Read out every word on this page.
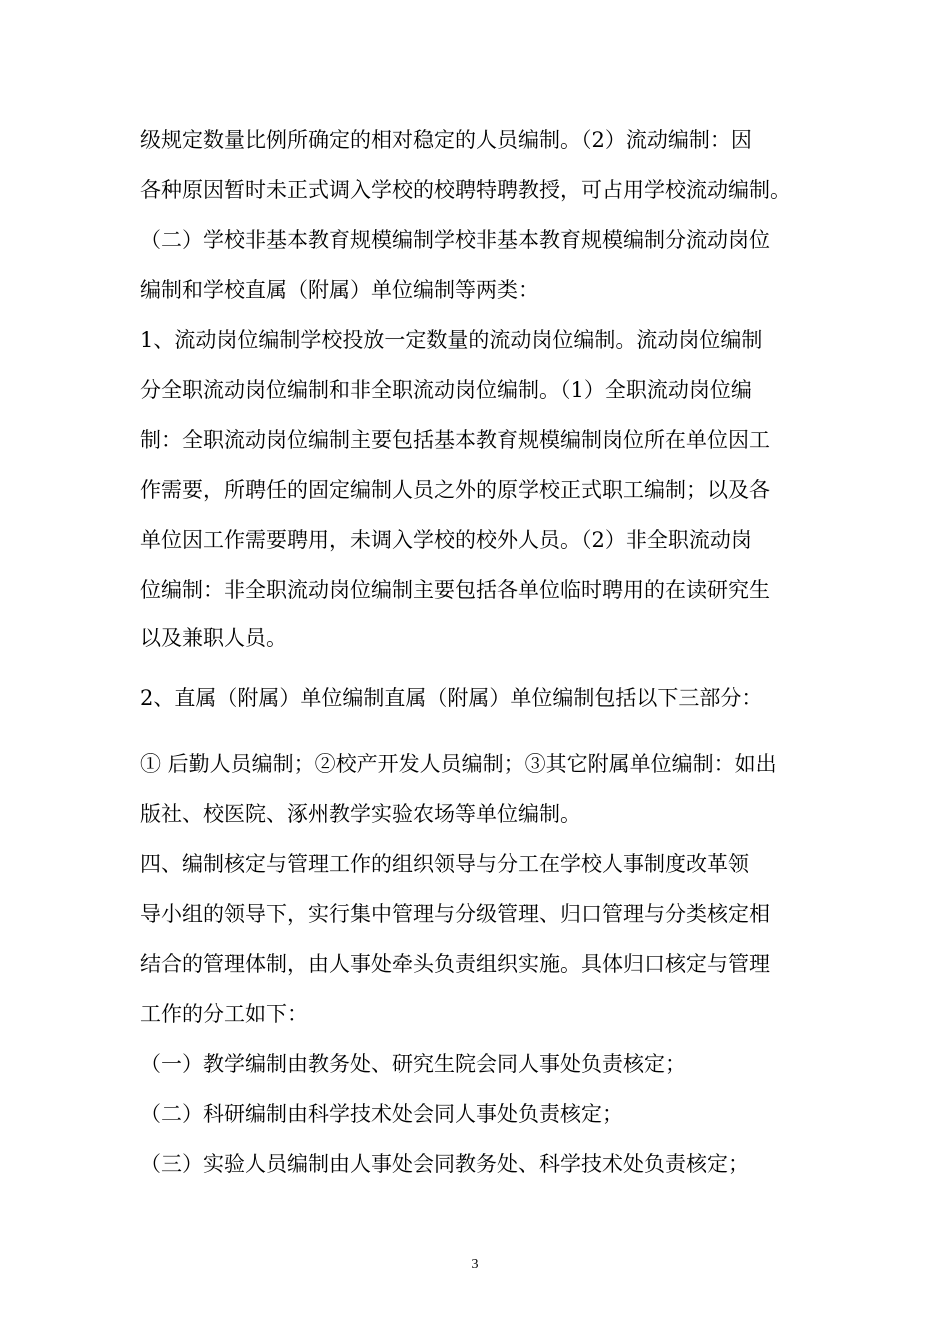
级规定数量比例所确定的相对稳定的人员编制。（2）流动编制：因
各种原因暂时未正式调入学校的校聘特聘教授，可占用学校流动编制。
（二）学校非基本教育规模编制学校非基本教育规模编制分流动岗位
编制和学校直属（附属）单位编制等两类：
1、流动岗位编制学校投放一定数量的流动岗位编制。流动岗位编制
分全职流动岗位编制和非全职流动岗位编制。（1）全职流动岗位编
制：全职流动岗位编制主要包括基本教育规模编制岗位所在单位因工
作需要，所聘任的固定编制人员之外的原学校正式职工编制；以及各
单位因工作需要聘用，未调入学校的校外人员。（2）非全职流动岗
位编制：非全职流动岗位编制主要包括各单位临时聘用的在读研究生
以及兼职人员。
2、直属（附属）单位编制直属（附属）单位编制包括以下三部分：
① 后勤人员编制；②校产开发人员编制；③其它附属单位编制：如出
版社、校医院、涿州教学实验农场等单位编制。
四、编制核定与管理工作的组织领导与分工在学校人事制度改革领
导小组的领导下，实行集中管理与分级管理、归口管理与分类核定相
结合的管理体制，由人事处牵头负责组织实施。具体归口核定与管理
工作的分工如下：
（一）教学编制由教务处、研究生院会同人事处负责核定；
（二）科研编制由科学技术处会同人事处负责核定；
（三）实验人员编制由人事处会同教务处、科学技术处负责核定；
3
